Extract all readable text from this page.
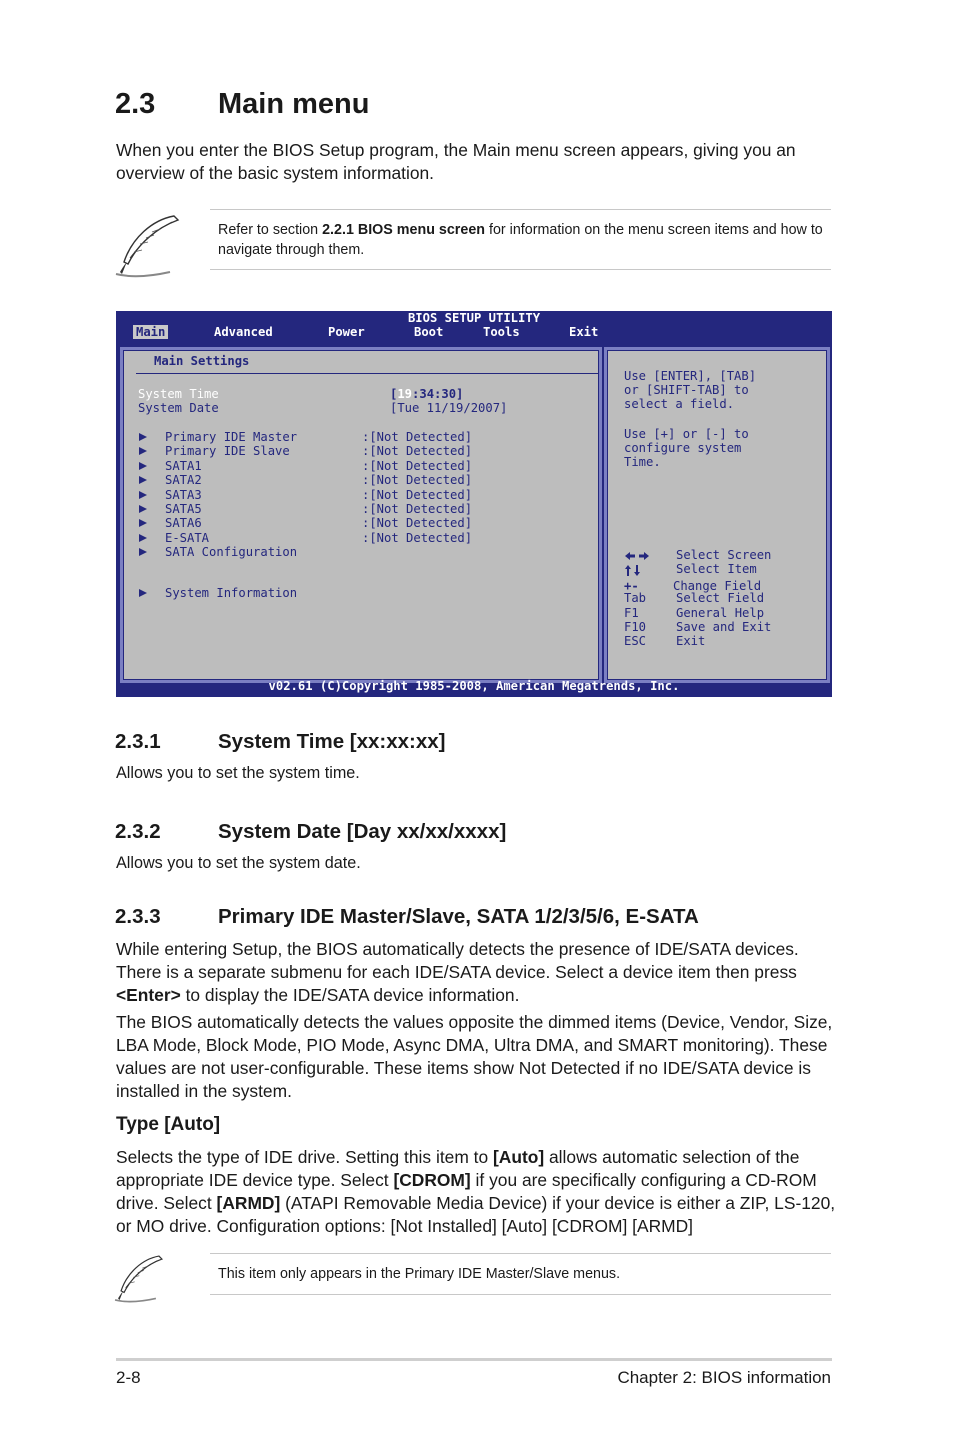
2.3 Main menu

When you enter the BIOS Setup program, the Main menu screen appears, giving you an overview of the basic system information.

Refer to section 2.2.1 BIOS menu screen for information on the menu screen items and how to navigate through them.

BIOS SETUP UTILITY
Main	Advanced	Power	Boot	Tools	Exit
Main Settings
System Time	[19:34:30]
System Date	[Tue 11/19/2007]
Primary IDE Master	:[Not Detected]
Primary IDE Slave	:[Not Detected]
SATA1	:[Not Detected]
SATA2	:[Not Detected]
SATA3	:[Not Detected]
SATA5	:[Not Detected]
SATA6	:[Not Detected]
E-SATA	:[Not Detected]
SATA Configuration
System Information
Use [ENTER], [TAB]
or [SHIFT-TAB] to
select a field.
Use [+] or [-] to
configure system
Time.
Select Screen
Select Item
+-	Change Field
Tab Select Field
F1	General Help
F10 Save and Exit
ESC Exit
v02.61 (C)Copyright 1985-2008, American Megatrends, Inc.
2.3.1	System Time [xx:xx:xx]

Allows you to set the system time.

2.3.2	System Date [Day xx/xx/xxxx]

Allows you to set the system date.

2.3.3	Primary IDE Master/Slave, SATA 1/2/3/5/6, E-SATA

While entering Setup, the BIOS automatically detects the presence of IDE/SATA devices. There is a separate submenu for each IDE/SATA device. Select a device item then press <Enter> to display the IDE/SATA device information.

The BIOS automatically detects the values opposite the dimmed items (Device, Vendor, Size, LBA Mode, Block Mode, PIO Mode, Async DMA, Ultra DMA, and SMART monitoring). These values are not user-configurable. These items show Not Detected if no IDE/SATA device is installed in the system.

Type [Auto]

Selects the type of IDE drive. Setting this item to [Auto] allows automatic selection of the appropriate IDE device type. Select [CDROM] if you are specifically configuring a CD-ROM drive. Select [ARMD] (ATAPI Removable Media Device) if your device is either a ZIP, LS-120, or MO drive. Configuration options: [Not Installed] [Auto] [CDROM] [ARMD]

This item only appears in the Primary IDE Master/Slave menus.

2-8	Chapter 2: BIOS information
